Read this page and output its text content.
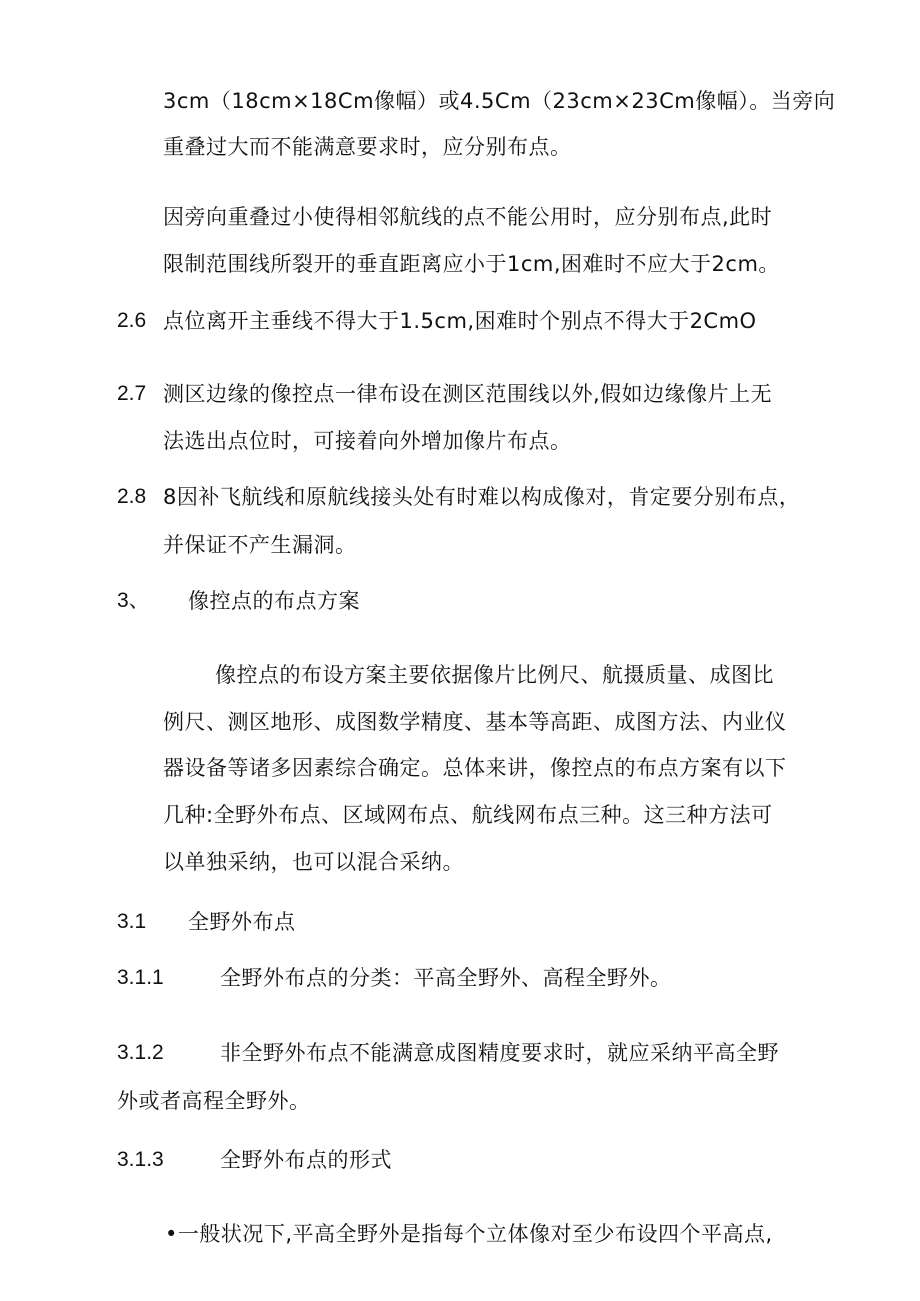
3cm（18cm×18Cm像幅）或4.5Cm（23cm×23Cm像幅）。当旁向
重叠过大而不能满意要求时，应分别布点。
因旁向重叠过小使得相邻航线的点不能公用时，应分别布点,此时
限制范围线所裂开的垂直距离应小于1cm,困难时不应大于2cm。
2.6 点位离开主垂线不得大于1.5cm,困难时个别点不得大于2CmO
2.7 测区边缘的像控点一律布设在测区范围线以外,假如边缘像片上无
法选出点位时，可接着向外增加像片布点。
2.8 8因补飞航线和原航线接头处有时难以构成像对，肯定要分别布点，
并保证不产生漏洞。
3、 像控点的布点方案
像控点的布设方案主要依据像片比例尺、航摄质量、成图比
例尺、测区地形、成图数学精度、基本等高距、成图方法、内业仪
器设备等诸多因素综合确定。总体来讲，像控点的布点方案有以下
几种:全野外布点、区域网布点、航线网布点三种。这三种方法可
以单独采纳，也可以混合采纳。
3.1 全野外布点
3.1.1	全野外布点的分类：平高全野外、高程全野外。
3.1.2	非全野外布点不能满意成图精度要求时，就应采纳平高全野
外或者高程全野外。
3.1.3	全野外布点的形式
•一般状况下,平高全野外是指每个立体像对至少布设四个平高点,
